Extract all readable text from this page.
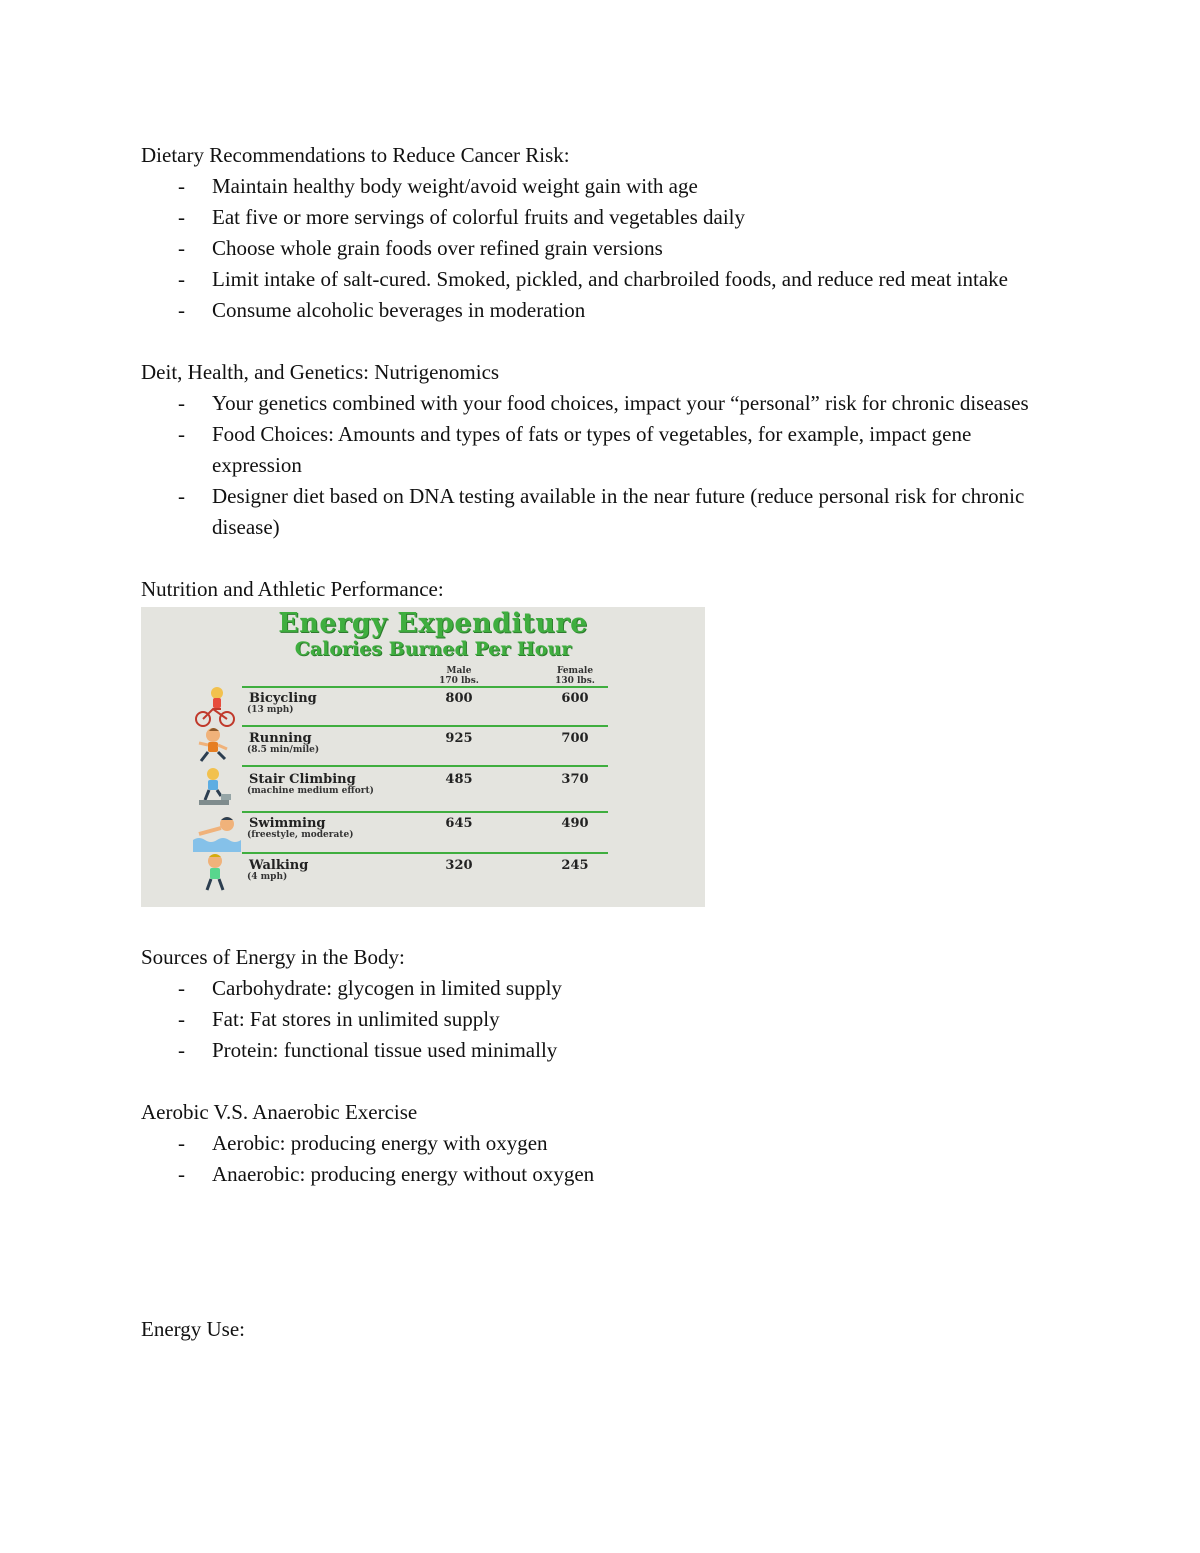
Dietary Recommendations to Reduce Cancer Risk:

- Maintain healthy body weight/avoid weight gain with age
- Eat five or more servings of colorful fruits and vegetables daily
- Choose whole grain foods over refined grain versions
- Limit intake of salt-cured. Smoked, pickled, and charbroiled foods, and reduce red meat intake
- Consume alcoholic beverages in moderation

Deit, Health, and Genetics: Nutrigenomics

- Your genetics combined with your food choices, impact your “personal” risk for chronic diseases
- Food Choices: Amounts and types of fats or types of vegetables, for example, impact gene expression
- Designer diet based on DNA testing available in the near future (reduce personal risk for chronic disease)

Nutrition and Athletic Performance:

Energy Expenditure
Calories Burned Per Hour
Male
170 lbs.
Female
130 lbs.
Bicycling
(13 mph)
800	600
Running
(8.5 min/mile)
925	700
Stair Climbing
(machine medium effort)
485	370
Swimming
(freestyle, moderate)
645	490
Walking
(4 mph)
320	245

Sources of Energy in the Body:

- Carbohydrate: glycogen in limited supply
- Fat: Fat stores in unlimited supply
- Protein: functional tissue used minimally

Aerobic V.S. Anaerobic Exercise

- Aerobic: producing energy with oxygen
- Anaerobic: producing energy without oxygen

Energy Use:
